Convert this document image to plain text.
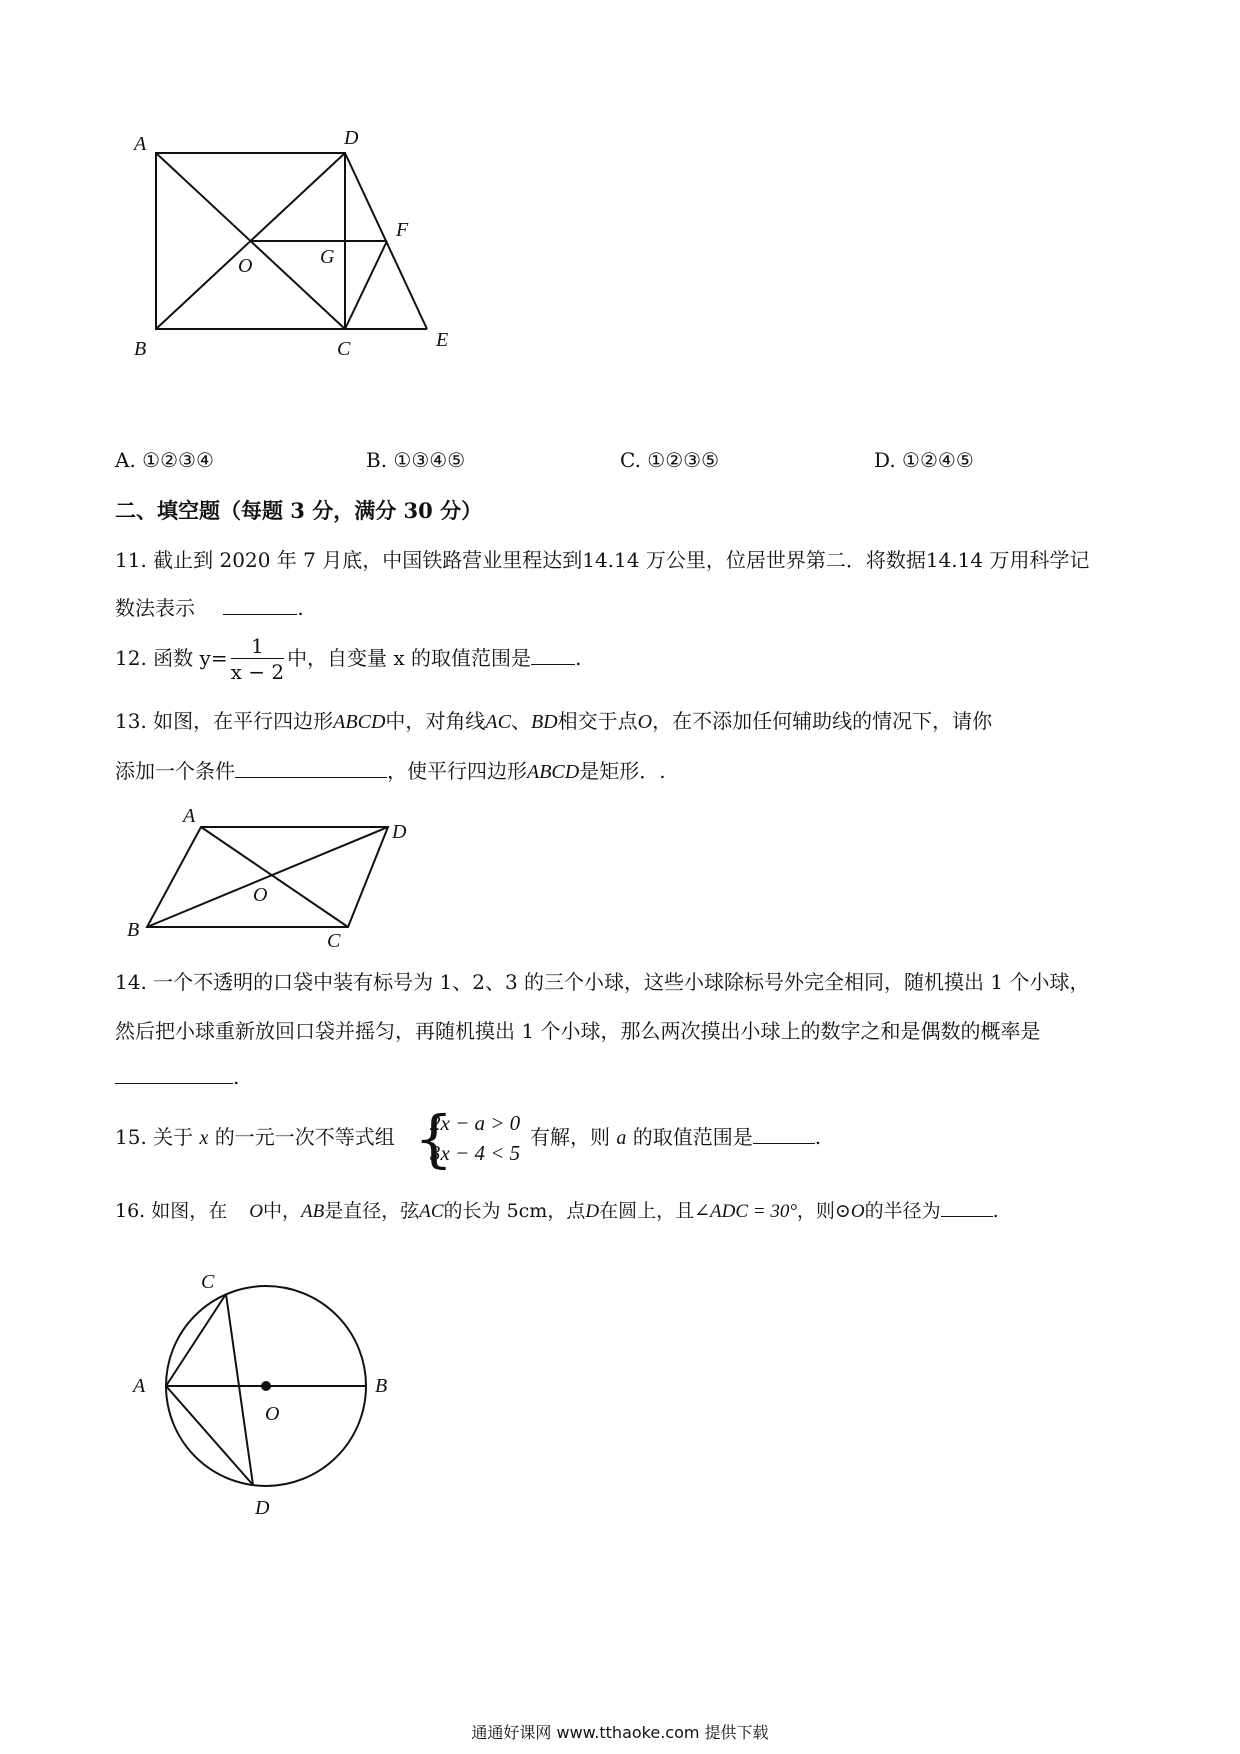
A	D
F
O	G
B	C	E
A. ①②③④	B. ①③④⑤	C. ①②③⑤	D. ①②④⑤
二、填空题（每题 3 分，满分 30 分）
11. 截止到 2020 年 7 月底，中国铁路营业里程达到14.14 万公里，位居世界第二．将数据14.14 万用科学记
数法表示	.
12. 函数 $y= \frac{1}{x - 2}$ 中，自变量 x 的取值范围是 .
13. 如图，在平行四边形ABCD中，对角线AC、BD相交于点O，在不添加任何辅助线的情况下，请你
添加一个条件	，使平行四边形ABCD是矩形．.
A
D
O
B	C
14. 一个不透明的口袋中装有标号为 1、2、3 的三个小球，这些小球除标号外完全相同，随机摸出 1 个小球，
然后把小球重新放回口袋并摇匀，再随机摸出 1 个小球，那么两次摸出小球上的数字之和是偶数的概率是
.
15. 关于 x 的一元一次不等式组 {
2x − a > 0
3x − 4 < 5
有解，则 a 的取值范围是	.
16. 如图，在 O中，AB是直径，弦AC的长为 5cm，点D在圆上，且∠ADC = 30°，则⊙O的半径为	.
C
A	B
O
D
通通好课网 www.tthaoke.com 提供下载
